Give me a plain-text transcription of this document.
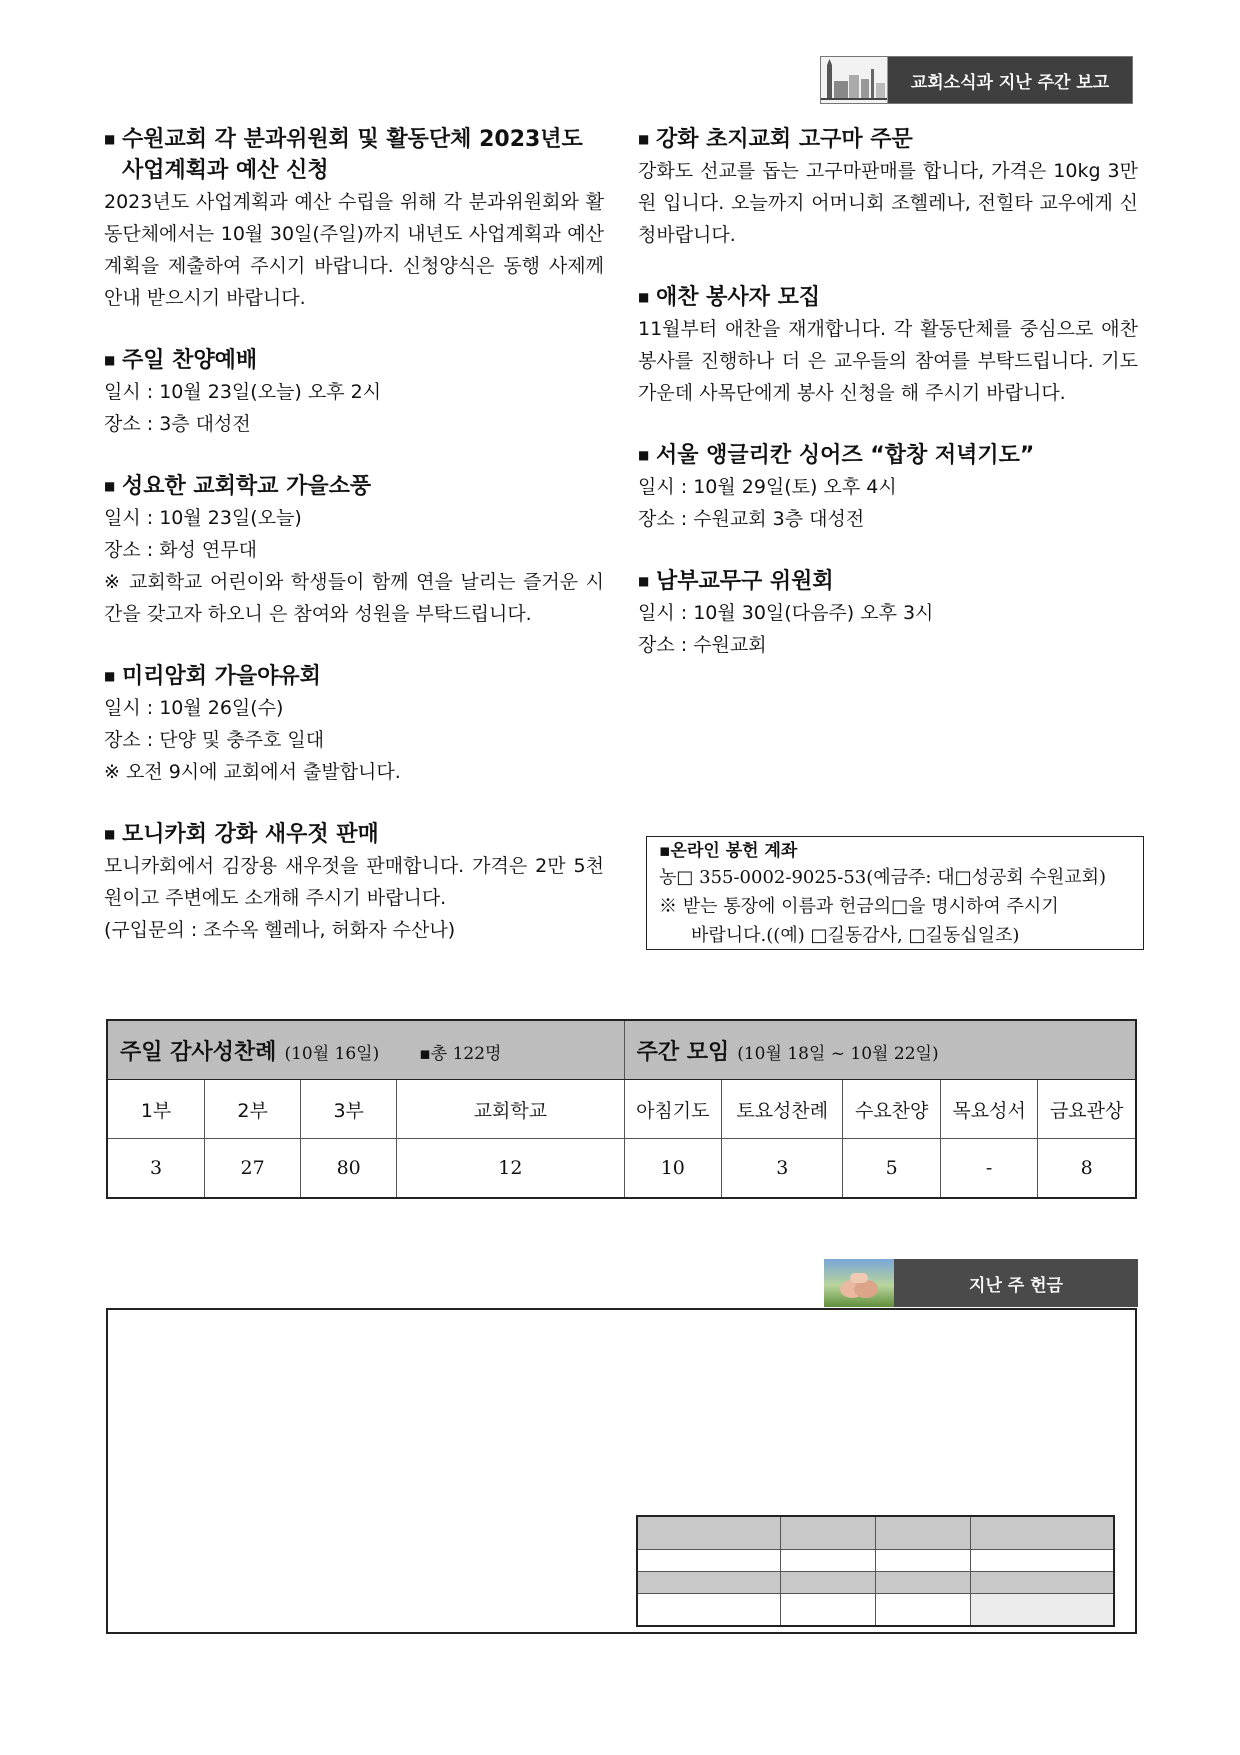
교회소식과 지난 주간 보고
■ 수원교회 각 분과위원회 및 활동단체 2023년도 사업계획과 예산 신청
2023년도 사업계획과 예산 수립을 위해 각 분과위원회와 활동단체에서는 10월 30일(주일)까지 내년도 사업계획과 예산계획을 제출하여 주시기 바랍니다. 신청양식은 동행 사제께 안내 받으시기 바랍니다.
■ 주일 찬양예배
일시 : 10월 23일(오늘) 오후 2시
장소 : 3층 대성전
■ 성요한 교회학교 가을소풍
일시 : 10월 23일(오늘)
장소 : 화성 연무대
※ 교회학교 어린이와 학생들이 함께 연을 날리는 즐거운 시간을 갖고자 하오니 은 참여와 성원을 부탁드립니다.
■ 미리암회 가을야유회
일시 : 10월 26일(수)
장소 : 단양 및 충주호 일대
※ 오전 9시에 교회에서 출발합니다.
■ 모니카회 강화 새우젓 판매
모니카회에서 김장용 새우젓을 판매합니다. 가격은 2만 5천원이고 주변에도 소개해 주시기 바랍니다.
(구입문의 : 조수옥 헬레나, 허화자 수산나)
■ 강화 초지교회 고구마 주문
강화도 선교를 돕는 고구마판매를 합니다, 가격은 10kg 3만원 입니다. 오늘까지 어머니회 조헬레나, 전힐타 교우에게 신청바랍니다.
■ 애찬 봉사자 모집
11월부터 애찬을 재개합니다. 각 활동단체를 중심으로 애찬 봉사를 진행하나 더 은 교우들의 참여를 부탁드립니다. 기도 가운데 사목단에게 봉사 신청을 해 주시기 바랍니다.
■ 서울 앵글리칸 싱어즈 “합창 저녁기도”
일시 : 10월 29일(토) 오후 4시
장소 : 수원교회 3층 대성전
■ 남부교무구 위원회
일시 : 10월 30일(다음주) 오후 3시
장소 : 수원교회
▪온라인 봉헌 계좌
농□ 355-0002-9025-53(예금주: 대□성공회 수원교회)
※ 받는 통장에 이름과 헌금의□을 명시하여 주시기
바랍니다.((예) □길동감사, □길동십일조)
주일 감사성찬례 (10월 16일) ▪총 122명				주간 모임 (10월 18일 ~ 10월 22일)				
1부	2부	3부	교회학교	아침기도	토요성찬례	수요찬양	목요성서	금요관상
3	27	80	12	10	3	5	-	8
지난 주 헌금
